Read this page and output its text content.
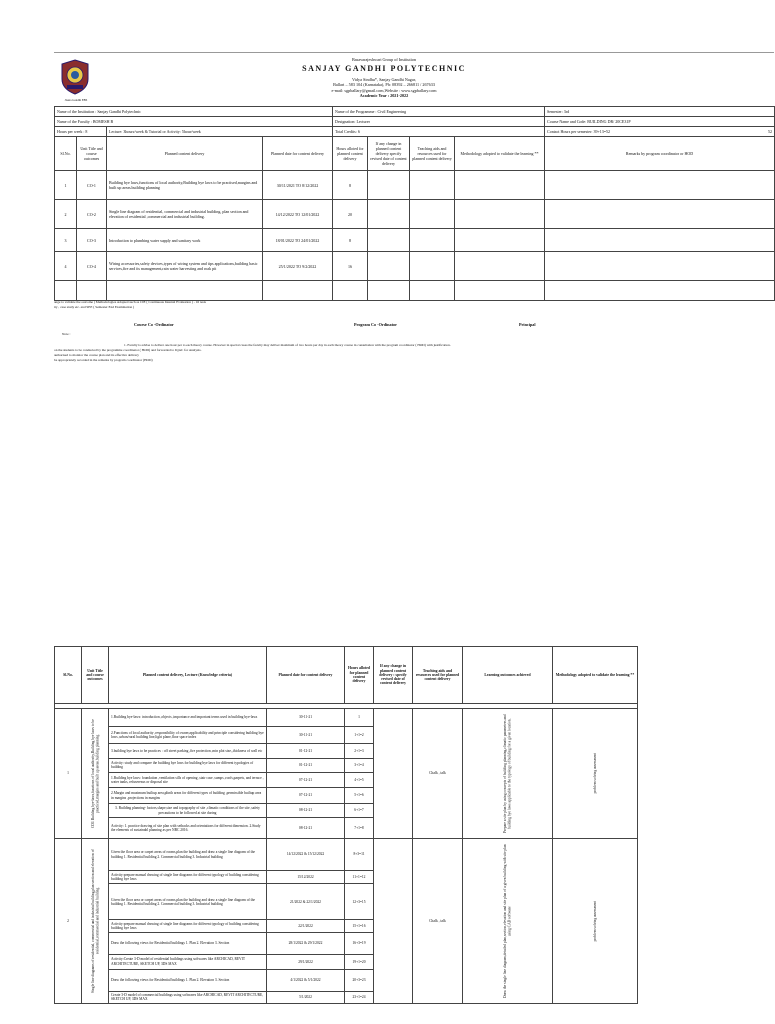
Jnana Gandhi EBS
Basavarajeshwari Group of Institution
SANJAY GANDHI POLYTECHNIC
Vidya Sindhu*, Sanjay Gandhi Nagar,
Ballari – 583 104 (Karnataka), Ph: 08392 – 266811 / 267633
e-mail: sgpballary@gmail.com,Website : www.sgpballary.com
Academic Year : 2021-2022
Name of the Institution : Sanjay Gandhi Polytechnic				Name of the Programme : Civil Engineering				Semester: 3rd
Name of the Faculty : BOMESH B				Designation: Lecturer				Course Name and Code: BUILDING DR/ 20CE31P
Hours per week : 8		Lecture: 3hours/week & Tutorial or Activity: 5hour/week		Total Credits: 6				Contact Hours per semester: 39+13=52 52

Sl.No.	Unit Title and course outcomes	Planned content delivery	Planned date for content delivery	Hours alloted for planned content delivery	If any change in planned content delivery specify revised date of content delivery	Teaching aids and resources used for planned content delivery	Methodology adopted to validate the learning **	Remarks by program coordinator or HOD
1	CO-1	Building bye laws,functions of local authority,Building bye laws to be practised,margins and built up areas.building planning	30/11/2021 TO 8/12/2022	8				
2	CO-2	Single line diagram of residential, commercial and industrial building, plan section and elevation of residential ,commercial and industrial building.	14/12/2022 TO 12/01/2022	20				
3	CO-3	Introduction to plumbing water supply and sanitary work	18/01/2022 TO 24/01/2022	8				
4	CO-4	Wiring accessories,safety devices,types of wiring system and tips applications,building basic services,fire and its management,rain water harvesting and roak pit	25/1/2022 TO 9/2/2022	16				

ange to validate the outcome ( Methodologies Adopted such as CIE ( Continuous Internal Evaluation ) - 16 tests
ity , case study etc. and SEE ( Semester End Examination )
Course Co -Ordinator	Program Co -Ordinator	Principal
Note :
1. Faculty is advise to deliver one hour per to each theory course. However in special cases the faculty may deliver maximum of two hours per day in each theory course in consultation with the program coordinator ( HOD) with justification.
on the students to be conducted by the programme coordinator ( HOD) and forwarded to IQAC for Analysis.
authorised to monitor the course plan and its effective delivery
be appropriately recorded in the remarks by program coordinator (HOD)
Sl.No.	Unit Title and course outcomes	Planned content delivery, Lecture (Knowledge criteria)	Planned date for content delivery	Hours alloted for planned content delivery	If any change in planned content delivery : specify revised date of content delivery	Teaching aids and resources used for planned content delivery	Learning outcomes achieved	Methodology adopted to validate the learning **	

1	CO1 Building bye-laws,functions of local authority,Building bye laws to be practiced,margins and built up areas.building planning	1.Building bye-laws: introduction ,objects ,importance and important terms used in building bye-laws	30-11-21	1		Chalk , talk	Prepare a site plan by using concepts of building planning,climatic parameters and building bye laws applicable to the typology of building for a given location.	problem solving assessment	

		2.Functions of local authority ,responsibility of owner,applicability and principle considering building bye laws ,urban/rural building line,light plane,floor space index	30-11-21	1+1=2					
		3.building bye laws to be practices : off street parking ,fire protection ,min plot size,,thickness of wall etc	01-12-21	2+1=3					
		Activity: study and compare the building bye laws for building bye laws for different typologies of building	01-12-21	3+1=4					
		1.Building bye laws: foundation ,ventilation sills of opening ,stair case ,sumps ,roofs,parpets, and terrace , water tanks, refuseresus or disposal site	07-12-21	4+1=5					
		2.Margin and maximum builtup area,plinth areas for different types of building ,permissible builtup area in margins ,projections in margins	07-12-21	5+1=6					
		3. Building planning- factors,shape,size and topography of site ,climatic conditions of the site ,safety precautions to be followed at site during	08-12-21	6+1=7					
		Activity: 1. practice drawing of site plan with setbacks and orientations for different dimension. 2.Study the elements of sustainabl planning as per NBC 2016.	08-12-21	7+1=8					
2	Single line diagrams of residential, commercial and industrial building,plan section and elevation of residential,commercial and industrial building	Given the floor area or carpet areas of rooms,plan the building and draw a single line diagram of the building 1. Residential building 2. Commercial building 3. Industrial building	14/12/2022 & 15/12/2022	8+3=11		Chalk , talk	Draw the single line diagram,detailed plan,section,elevation and site plan of a given building with site plan using CAD software	problem solving assessment	

		Activity:prepare manual drawing of single line diagrams for different typology of building considering building bye laws	15/12/2022	11+1=12					
		Given the floor area or carpet areas of rooms,plan the building and draw a single line diagram of the building 1. Residential building 2. Commercial building 3. Industrial building	21/2022 & 22/1/2022	12+3=15					
		Activity:prepare manual drawing of single line diagrams for different typology of building considering building bye laws	22/1/2022	15+1=16					
		Draw the following views for Residential buildings 1. Plan 2. Elevation 3. Section	28/1/2022 & 29/1/2022	16+3=19					
		Activity:Create 3-D model of residential buildings using softwares like ARCHICAD, REVIT ARCHITECTURE, SKETCH UP, 3DS MAX	29/1/2022	19+1=20					
		Draw the following views for Residential buildings 1. Plan 2. Elevation 3. Section	4/1/2022 & 5/1/2022	20+3=23					
		Create 3-D model of commercial buildings using softwares like ARCHICAD, REVIT ARCHITECTURE, SKETCH UP, 3DS MAX	5/1/2022	23+1=24					
